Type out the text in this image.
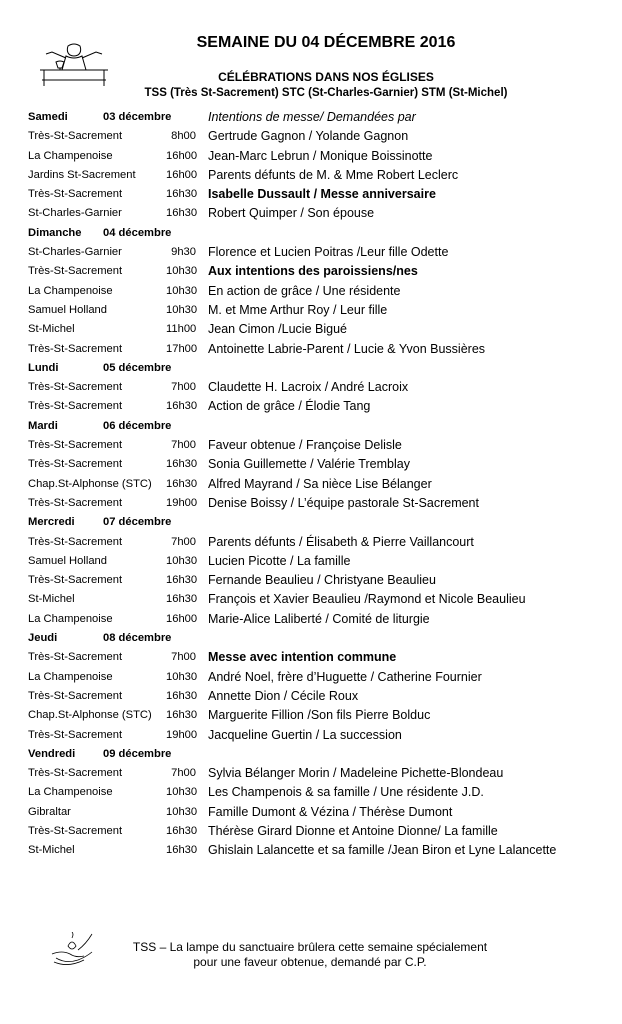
SEMAINE DU 04 DÉCEMBRE 2016
CÉLÉBRATIONS DANS NOS ÉGLISES
TSS (Très St-Sacrement) STC (St-Charles-Garnier) STM (St-Michel)
Samedi	03 décembre	Intentions de messe/ Demandées par
Très-St-Sacrement	8h00 Gertrude Gagnon / Yolande Gagnon
La Champenoise	16h00 Jean-Marc Lebrun / Monique Boissinotte
Jardins St-Sacrement	16h00 Parents défunts de M. & Mme Robert Leclerc
Très-St-Sacrement	16h30 Isabelle Dussault / Messe anniversaire
St-Charles-Garnier	16h30 Robert Quimper / Son épouse
Dimanche	04 décembre
St-Charles-Garnier	9h30 Florence et Lucien Poitras /Leur fille Odette
Très-St-Sacrement	10h30 Aux intentions des paroissiens/nes
La Champenoise	10h30 En action de grâce / Une résidente
Samuel Holland	10h30 M. et Mme Arthur Roy / Leur fille
St-Michel	11h00 Jean Cimon /Lucie Bigué
Très-St-Sacrement	17h00 Antoinette Labrie-Parent / Lucie & Yvon Bussières
Lundi	05 décembre
Très-St-Sacrement	7h00 Claudette H. Lacroix / André Lacroix
Très-St-Sacrement	16h30 Action de grâce / Élodie Tang
Mardi	06 décembre
Très-St-Sacrement	7h00 Faveur obtenue / Françoise Delisle
Très-St-Sacrement	16h30 Sonia Guillemette / Valérie Tremblay
Chap.St-Alphonse (STC)	16h30 Alfred Mayrand / Sa nièce Lise Bélanger
Très-St-Sacrement	19h00 Denise Boissy / L’équipe pastorale St-Sacrement
Mercredi	07 décembre
Très-St-Sacrement	7h00 Parents défunts / Élisabeth & Pierre Vaillancourt
Samuel Holland	10h30 Lucien Picotte / La famille
Très-St-Sacrement	16h30 Fernande Beaulieu / Christyane Beaulieu
St-Michel	16h30 François et Xavier Beaulieu /Raymond et Nicole Beaulieu
La Champenoise	16h00 Marie-Alice Laliberté / Comité de liturgie
Jeudi	08 décembre
Très-St-Sacrement	7h00 Messe avec intention commune
La Champenoise	10h30 André Noel, frère d’Huguette / Catherine Fournier
Très-St-Sacrement	16h30 Annette Dion / Cécile Roux
Chap.St-Alphonse (STC)	16h30 Marguerite Fillion /Son fils Pierre Bolduc
Très-St-Sacrement	19h00 Jacqueline Guertin / La succession
Vendredi	09 décembre
Très-St-Sacrement	7h00 Sylvia Bélanger Morin / Madeleine Pichette-Blondeau
La Champenoise	10h30 Les Champenois & sa famille / Une résidente J.D.
Gibraltar	10h30 Famille Dumont & Vézina / Thérèse Dumont
Très-St-Sacrement	16h30 Thérèse Girard Dionne et Antoine Dionne/ La famille
St-Michel	16h30 Ghislain Lalancette et sa famille /Jean Biron et Lyne Lalancette
TSS – La lampe du sanctuaire brûlera cette semaine spécialement
pour une faveur obtenue, demandé par C.P.
